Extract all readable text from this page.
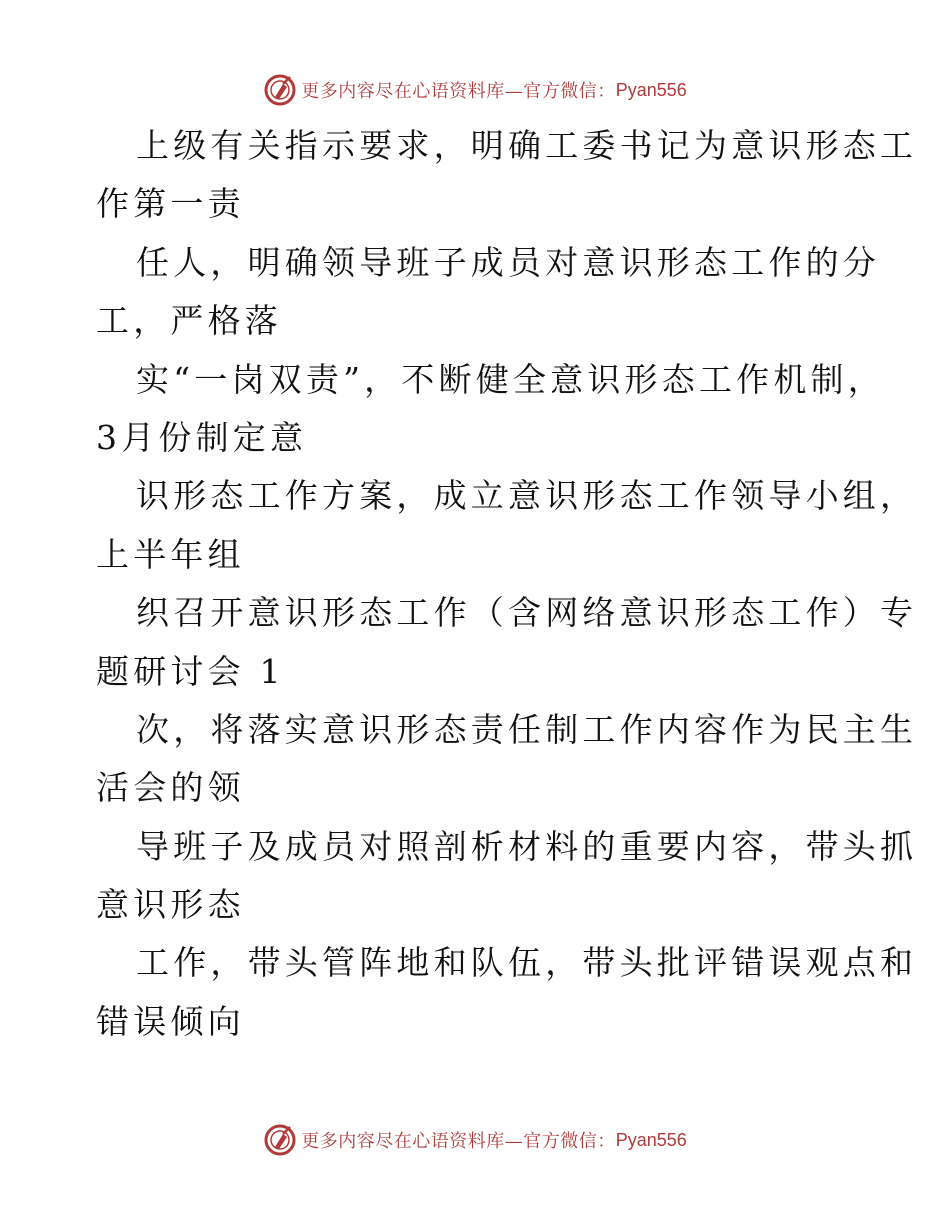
更多内容尽在心语资料库—官方微信： Pyan556
上级有关指示要求，明确工委书记为意识形态工
作第一责
任人，明确领导班子成员对意识形态工作的分
工，严格落
实“一岗双责”，不断健全意识形态工作机制，
3月份制定意
识形态工作方案，成立意识形态工作领导小组，
上半年组
织召开意识形态工作（含网络意识形态工作）专
题研讨会 1
次，将落实意识形态责任制工作内容作为民主生
活会的领
导班子及成员对照剖析材料的重要内容，带头抓
意识形态
工作，带头管阵地和队伍，带头批评错误观点和
错误倾向
更多内容尽在心语资料库—官方微信： Pyan556
